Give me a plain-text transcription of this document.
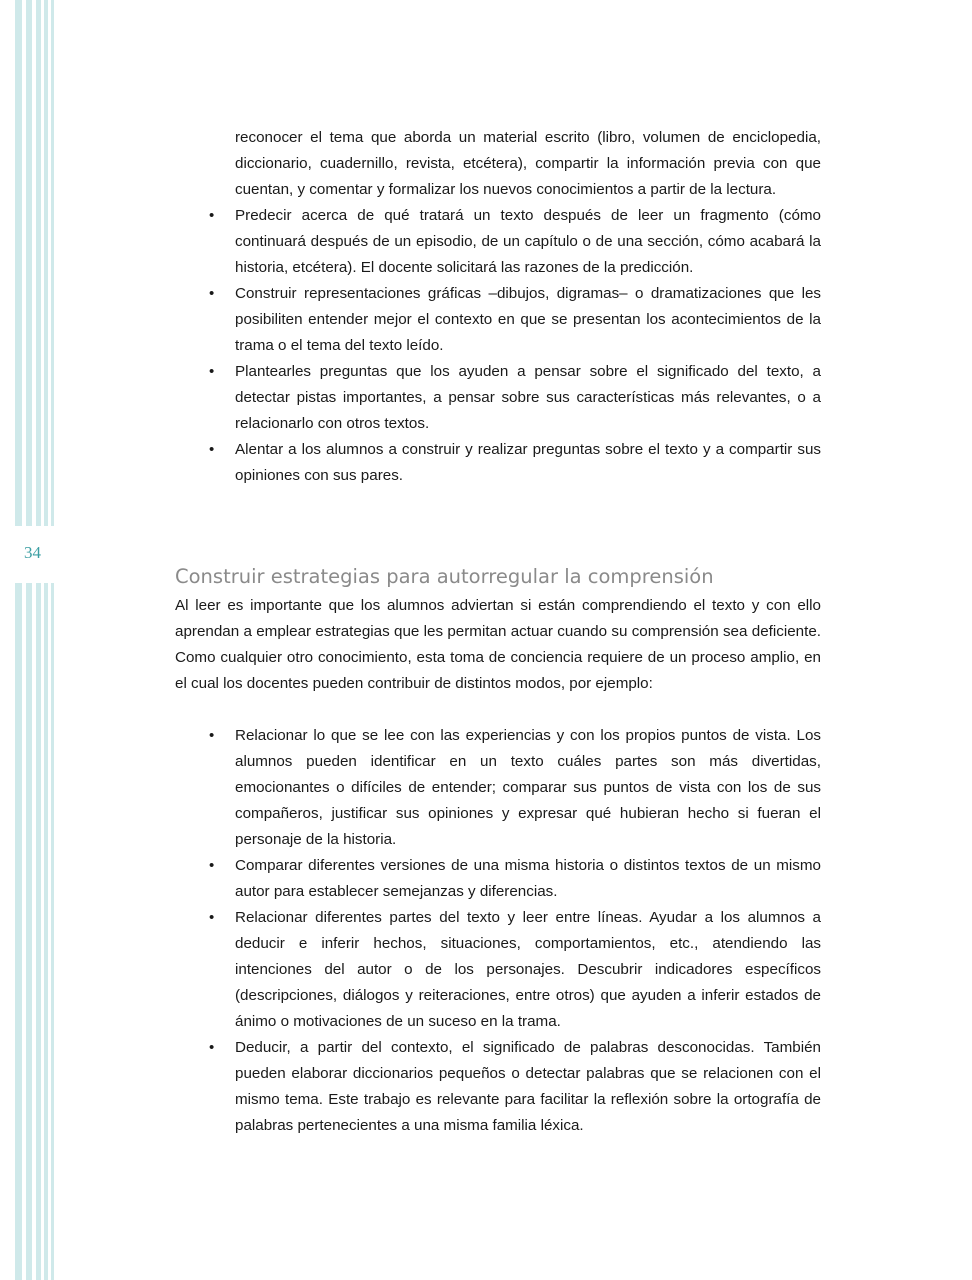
34
reconocer el tema que aborda un material escrito (libro, volumen de enciclopedia, diccionario, cuadernillo, revista, etcétera), compartir la información previa con que cuentan, y comentar y formalizar los nuevos conocimientos a partir de la lectura.
• Predecir acerca de qué tratará un texto después de leer un fragmento (cómo continuará después de un episodio, de un capítulo o de una sección, cómo acabará la historia, etcétera). El docente solicitará las razones de la predicción.
• Construir representaciones gráficas –dibujos, digramas– o dramatizaciones que les posibiliten entender mejor el contexto en que se presentan los acontecimientos de la trama o el tema del texto leído.
• Plantearles preguntas que los ayuden a pensar sobre el significado del texto, a detectar pistas importantes, a pensar sobre sus características más relevantes, o a relacionarlo con otros textos.
• Alentar a los alumnos a construir y realizar preguntas sobre el texto y a compartir sus opiniones con sus pares.
Construir estrategias para autorregular la comprensión

Al leer es importante que los alumnos adviertan si están comprendiendo el texto y con ello aprendan a emplear estrategias que les permitan actuar cuando su comprensión sea deficiente. Como cualquier otro conocimiento, esta toma de conciencia requiere de un proceso amplio, en el cual los docentes pueden contribuir de distintos modos, por ejemplo:

• Relacionar lo que se lee con las experiencias y con los propios puntos de vista. Los alumnos pueden identificar en un texto cuáles partes son más divertidas, emocionantes o difíciles de entender; comparar sus puntos de vista con los de sus compañeros, justificar sus opiniones y expresar qué hubieran hecho si fueran el personaje de la historia.
• Comparar diferentes versiones de una misma historia o distintos textos de un mismo autor para establecer semejanzas y diferencias.
• Relacionar diferentes partes del texto y leer entre líneas. Ayudar a los alumnos a deducir e inferir hechos, situaciones, comportamientos, etc., atendiendo las intenciones del autor o de los personajes. Descubrir indicadores específicos (descripciones, diálogos y reiteraciones, entre otros) que ayuden a inferir estados de ánimo o motivaciones de un suceso en la trama.
• Deducir, a partir del contexto, el significado de palabras desconocidas. También pueden elaborar diccionarios pequeños o detectar palabras que se relacionen con el mismo tema. Este trabajo es relevante para facilitar la reflexión sobre la ortografía de palabras pertenecientes a una misma familia léxica.
